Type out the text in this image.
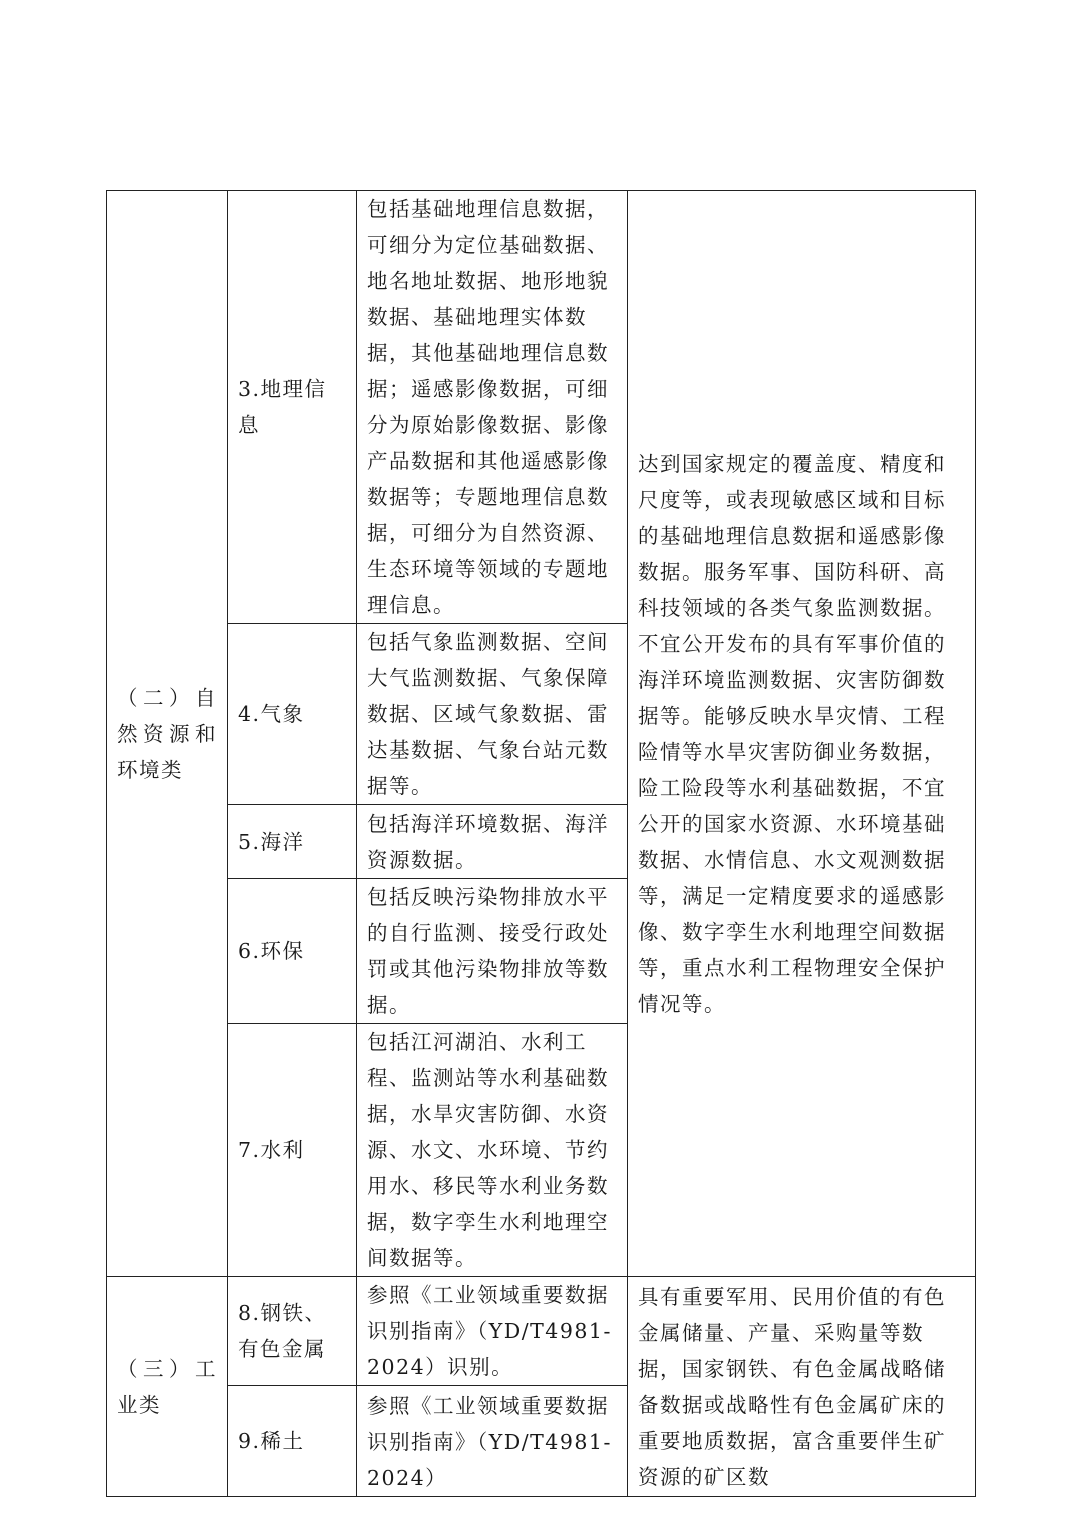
（二）自然资源和环境类	3.地理信息	包括基础地理信息数据，可细分为定位基础数据、地名地址数据、地形地貌数据、基础地理实体数据，其他基础地理信息数据；遥感影像数据，可细分为原始影像数据、影像产品数据和其他遥感影像数据等；专题地理信息数据，可细分为自然资源、生态环境等领域的专题地理信息。	达到国家规定的覆盖度、精度和尺度等，或表现敏感区域和目标的基础地理信息数据和遥感影像数据。服务军事、国防科研、高科技领域的各类气象监测数据。不宜公开发布的具有军事价值的海洋环境监测数据、灾害防御数据等。能够反映水旱灾情、工程险情等水旱灾害防御业务数据，险工险段等水利基础数据，不宜公开的国家水资源、水环境基础数据、水情信息、水文观测数据等，满足一定精度要求的遥感影像、数字孪生水利地理空间数据等，重点水利工程物理安全保护情况等。
	4.气象	包括气象监测数据、空间大气监测数据、气象保障数据、区域气象数据、雷达基数据、气象台站元数据等。	
	5.海洋	包括海洋环境数据、海洋资源数据。	
	6.环保	包括反映污染物排放水平的自行监测、接受行政处罚或其他污染物排放等数据。	
	7.水利	包括江河湖泊、水利工程、监测站等水利基础数据，水旱灾害防御、水资源、水文、水环境、节约用水、移民等水利业务数据，数字孪生水利地理空间数据等。	
（三）工业类	8.钢铁、有色金属	参照《工业领域重要数据识别指南》（YD/T4981-2024）识别。	具有重要军用、民用价值的有色金属储量、产量、采购量等数据，国家钢铁、有色金属战略储备数据或战略性有色金属矿床的重要地质数据，富含重要伴生矿资源的矿区数
	9.稀土	参照《工业领域重要数据识别指南》（YD/T4981-2024）	
